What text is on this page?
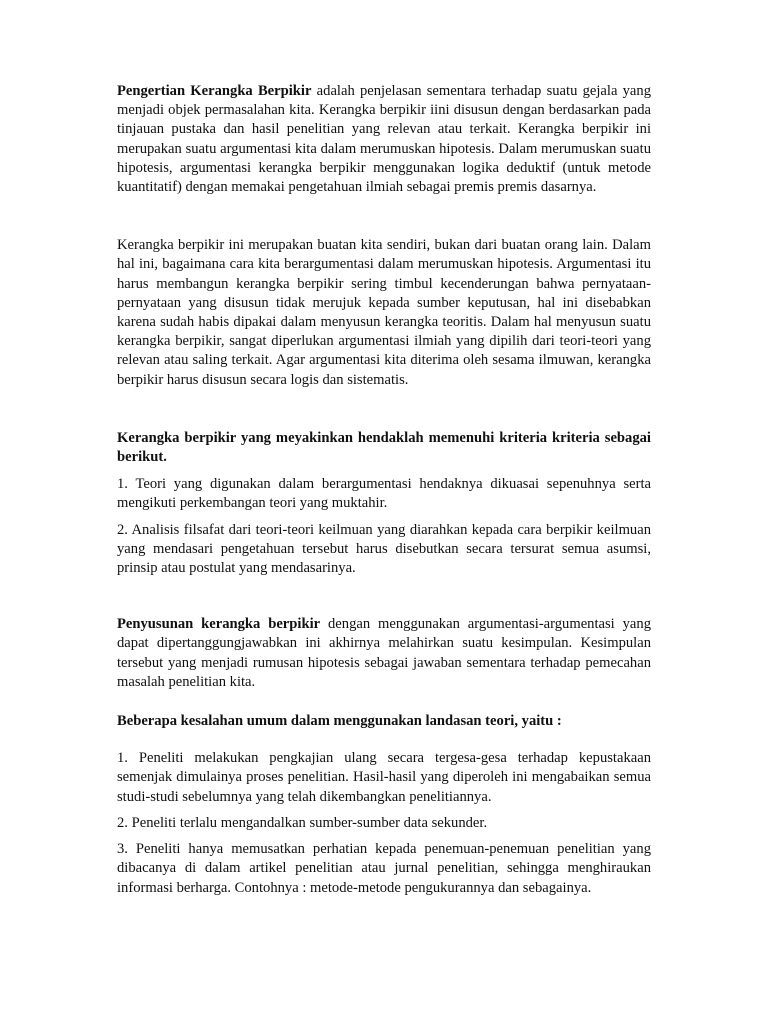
Pengertian Kerangka Berpikir adalah penjelasan sementara terhadap suatu gejala yang menjadi objek permasalahan kita. Kerangka berpikir iini disusun dengan berdasarkan pada tinjauan pustaka dan hasil penelitian yang relevan atau terkait. Kerangka berpikir ini merupakan suatu argumentasi kita dalam merumuskan hipotesis. Dalam merumuskan suatu hipotesis, argumentasi kerangka berpikir menggunakan logika deduktif (untuk metode kuantitatif) dengan memakai pengetahuan ilmiah sebagai premis premis dasarnya.

Kerangka berpikir ini merupakan buatan kita sendiri, bukan dari buatan orang lain. Dalam hal ini, bagaimana cara kita berargumentasi dalam merumuskan hipotesis. Argumentasi itu harus membangun kerangka berpikir sering timbul kecenderungan bahwa pernyataan-pernyataan yang disusun tidak merujuk kepada sumber keputusan, hal ini disebabkan karena sudah habis dipakai dalam menyusun kerangka teoritis. Dalam hal menyusun suatu kerangka berpikir, sangat diperlukan argumentasi ilmiah yang dipilih dari teori-teori yang relevan atau saling terkait. Agar argumentasi kita diterima oleh sesama ilmuwan, kerangka berpikir harus disusun secara logis dan sistematis.

Kerangka berpikir yang meyakinkan hendaklah memenuhi kriteria kriteria sebagai berikut.

1. Teori yang digunakan dalam berargumentasi hendaknya dikuasai sepenuhnya serta mengikuti perkembangan teori yang muktahir.

2. Analisis filsafat dari teori-teori keilmuan yang diarahkan kepada cara berpikir keilmuan yang mendasari pengetahuan tersebut harus disebutkan secara tersurat semua asumsi, prinsip atau postulat yang mendasarinya.

Penyusunan kerangka berpikir dengan menggunakan argumentasi-argumentasi yang dapat dipertanggungjawabkan ini akhirnya melahirkan suatu kesimpulan. Kesimpulan tersebut yang menjadi rumusan hipotesis sebagai jawaban sementara terhadap pemecahan masalah penelitian kita.

Beberapa kesalahan umum dalam menggunakan landasan teori, yaitu :

1. Peneliti melakukan pengkajian ulang secara tergesa-gesa terhadap kepustakaan semenjak dimulainya proses penelitian. Hasil-hasil yang diperoleh ini mengabaikan semua studi-studi sebelumnya yang telah dikembangkan penelitiannya.

2. Peneliti terlalu mengandalkan sumber-sumber data sekunder.

3. Peneliti hanya memusatkan perhatian kepada penemuan-penemuan penelitian yang dibacanya di dalam artikel penelitian atau jurnal penelitian, sehingga menghiraukan informasi berharga. Contohnya : metode-metode pengukurannya dan sebagainya.
